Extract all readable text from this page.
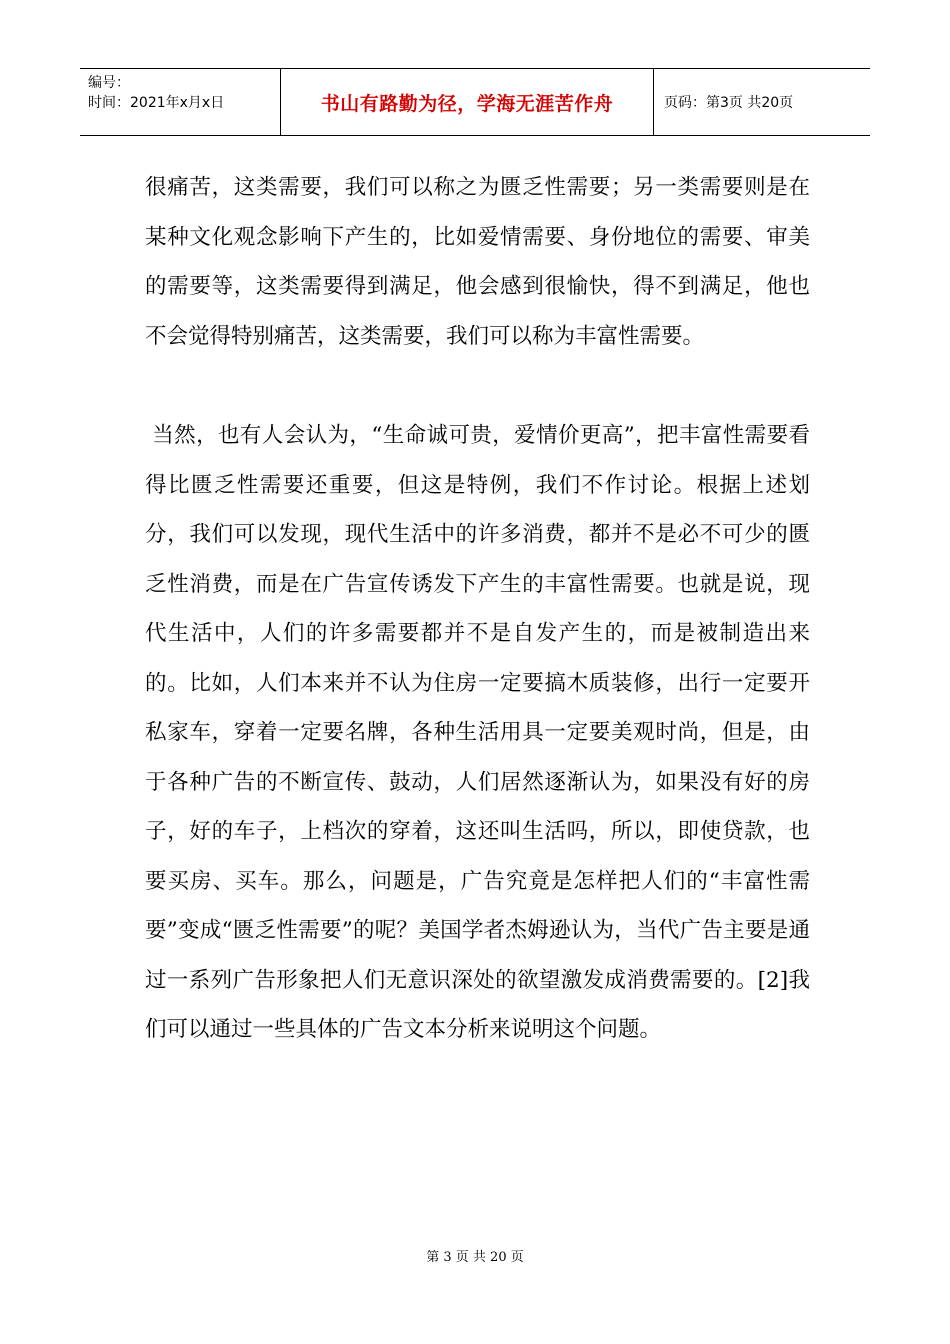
编号：
时间：2021年x月x日	书山有路勤为径，学海无涯苦作舟	页码：第3页 共20页

很痛苦，这类需要，我们可以称之为匮乏性需要；另一类需要则是在某种文化观念影响下产生的，比如爱情需要、身份地位的需要、审美的需要等，这类需要得到满足，他会感到很愉快，得不到满足，他也不会觉得特别痛苦，这类需要，我们可以称为丰富性需要。

当然，也有人会认为，“生命诚可贵，爱情价更高”，把丰富性需要看得比匮乏性需要还重要，但这是特例，我们不作讨论。根据上述划分，我们可以发现，现代生活中的许多消费，都并不是必不可少的匮乏性消费，而是在广告宣传诱发下产生的丰富性需要。也就是说，现代生活中，人们的许多需要都并不是自发产生的，而是被制造出来的。比如，人们本来并不认为住房一定要搞木质装修，出行一定要开私家车，穿着一定要名牌，各种生活用具一定要美观时尚，但是，由于各种广告的不断宣传、鼓动，人们居然逐渐认为，如果没有好的房子，好的车子，上档次的穿着，这还叫生活吗，所以，即使贷款，也要买房、买车。那么，问题是，广告究竟是怎样把人们的“丰富性需要”变成“匮乏性需要”的呢？美国学者杰姆逊认为，当代广告主要是通过一系列广告形象把人们无意识深处的欲望激发成消费需要的。[2]我们可以通过一些具体的广告文本分析来说明这个问题。

第 3 页 共 20 页
